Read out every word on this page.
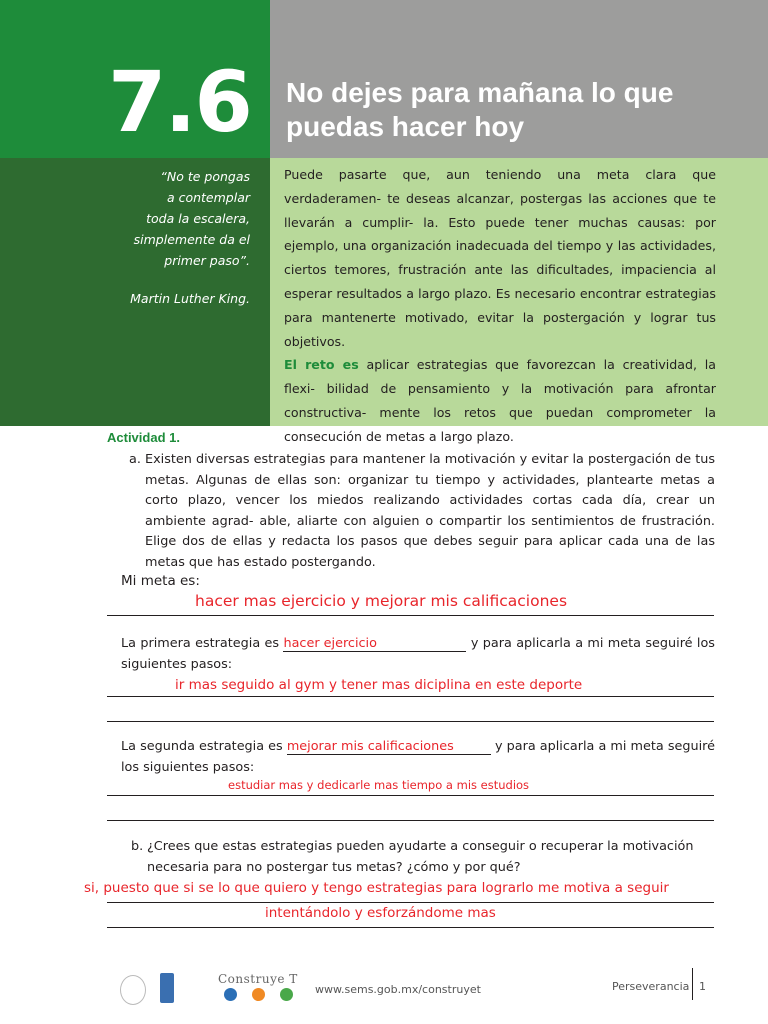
7.6 No dejes para mañana lo que puedas hacer hoy
“No te pongas
a contemplar
toda la escalera,
simplemente da el
primer paso”.
Martin Luther King.
Puede pasarte que, aun teniendo una meta clara que verdaderamen- te deseas alcanzar, postergas las acciones que te llevarán a cumplir- la. Esto puede tener muchas causas: por ejemplo, una organización inadecuada del tiempo y las actividades, ciertos temores, frustración ante las dificultades, impaciencia al esperar resultados a largo plazo. Es necesario encontrar estrategias para mantenerte motivado, evitar la postergación y lograr tus objetivos.
El reto es aplicar estrategias que favorezcan la creatividad, la flexi- bilidad de pensamiento y la motivación para afrontar constructiva- mente los retos que puedan comprometer la consecución de metas a largo plazo.
Actividad 1.
a. Existen diversas estrategias para mantener la motivación y evitar la postergación de tus metas. Algunas de ellas son: organizar tu tiempo y actividades, plantearte metas a corto plazo, vencer los miedos realizando actividades cortas cada día, crear un ambiente agrad- able, aliarte con alguien o compartir los sentimientos de frustración. Elige dos de ellas y redacta los pasos que debes seguir para aplicar cada una de las metas que has estado postergando.
Mi meta es:
hacer mas ejercicio y mejorar mis calificaciones
La primera estrategia es hacer ejercicio	y para aplicarla a mi meta seguiré los siguientes pasos:
ir mas seguido al gym y tener mas diciplina en este deporte
La segunda estrategia es mejorar mis calificaciones	y para aplicarla a mi meta seguiré los siguientes pasos:
estudiar mas y dedicarle mas tiempo a mis estudios
b. ¿Crees que estas estrategias pueden ayudarte a conseguir o recuperar la motivación necesaria para no postergar tus metas? ¿cómo y por qué?
si, puesto que si se lo que quiero y tengo estrategias para lograrlo me motiva a seguir
intentándolo y esforzándome mas
Construye T
www.sems.gob.mx/construyet	Perseverancia 1
